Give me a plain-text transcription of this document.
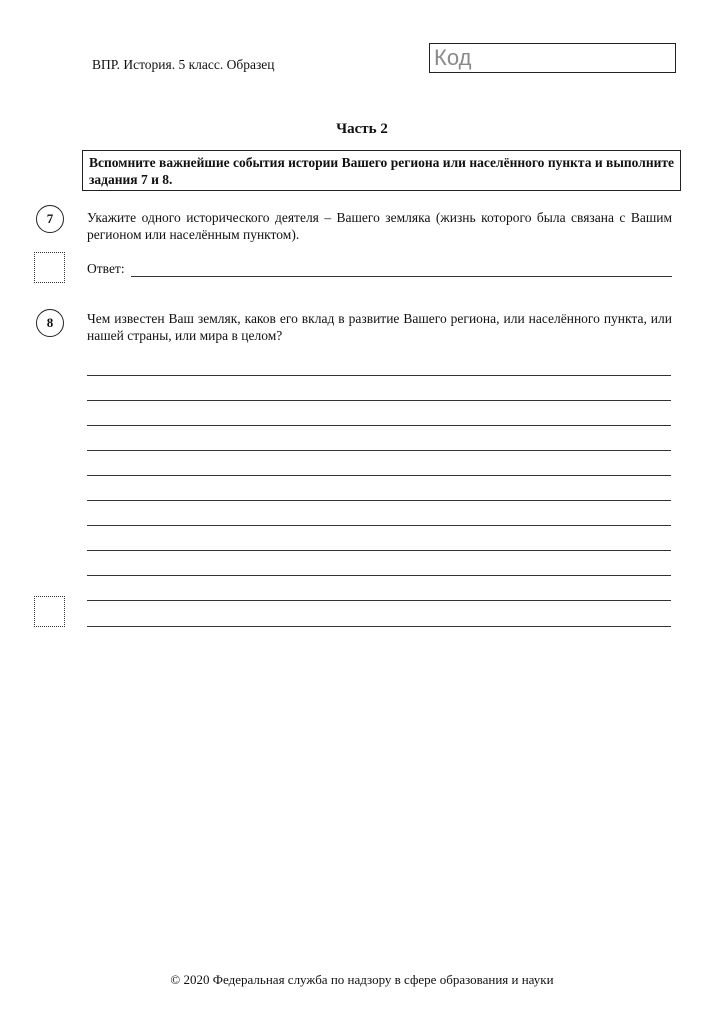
ВПР. История. 5 класс. Образец	Код
Часть 2
Вспомните важнейшие события истории Вашего региона или населённого пункта и выполните задания 7 и 8.
7	Укажите одного исторического деятеля – Вашего земляка (жизнь которого была связана с Вашим регионом или населённым пунктом).
Ответ:
8	Чем известен Ваш земляк, каков его вклад в развитие Вашего региона, или населённого пункта, или нашей страны, или мира в целом?
© 2020 Федеральная служба по надзору в сфере образования и науки
